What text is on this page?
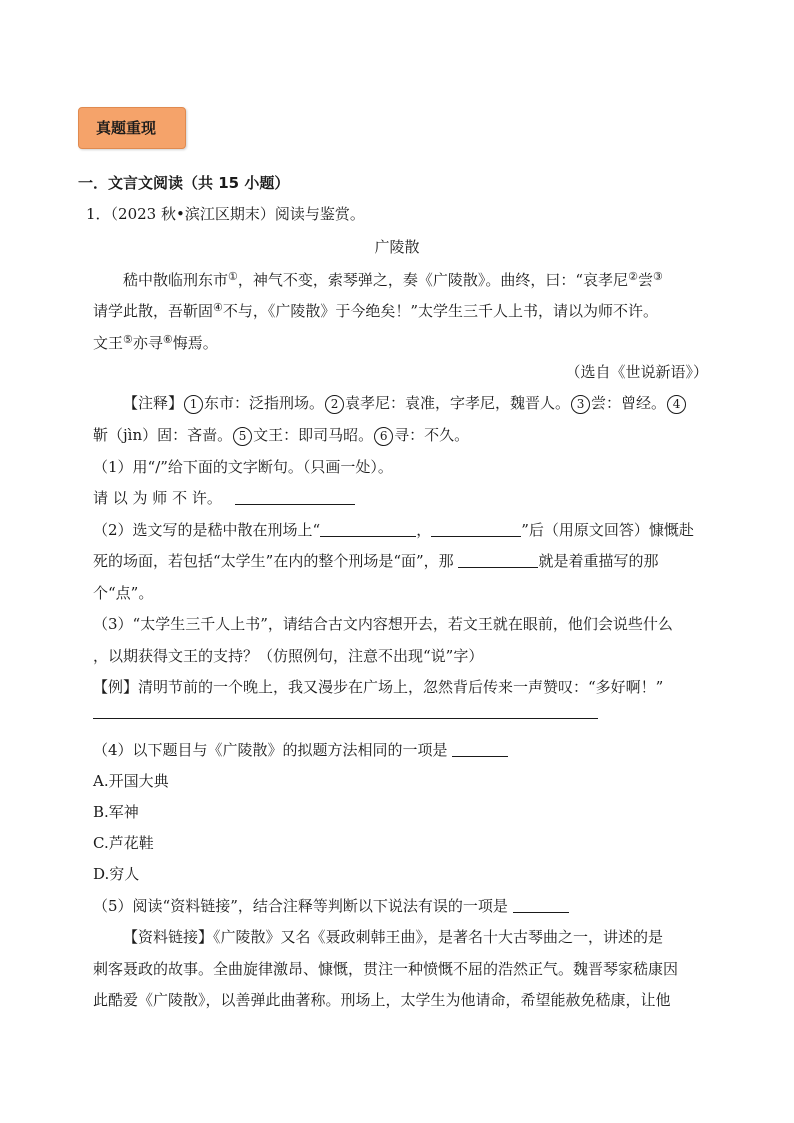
真题重现
一．文言文阅读（共 15 小题）
1．（2023 秋•滨江区期末）阅读与鉴赏。
广陵散
嵇中散临刑东市①，神气不变，索琴弹之，奏《广陵散》。曲终，曰：“哀孝尼②尝③
请学此散，吾靳固④不与，《广陵散》于今绝矣！”太学生三千人上书，请以为师不许。
文王⑤亦寻⑥悔焉。
（选自《世说新语》）
【注释】 1 东市：泛指刑场。 2 袁孝尼：袁准，字孝尼，魏晋人。 3 尝：曾经。 4
靳（jìn）固：吝啬。 5 文王：即司马昭。 6 寻：不久。
（1）用“/”给下面的文字断句。（只画一处）。
请 以 为 师 不 许。
（2）选文写的是嵇中散在刑场上“	，	”后（用原文回答）慷慨赴
死的场面，若包括“太学生”在内的整个刑场是“面”，那	就是着重描写的那
个“点”。
（3）“太学生三千人上书”，请结合古文内容想开去，若文王就在眼前，他们会说些什么
，以期获得文王的支持？（仿照例句，注意不出现“说”字）
【例】清明节前的一个晚上，我又漫步在广场上，忽然背后传来一声赞叹：“多好啊！”
（4）以下题目与《广陵散》的拟题方法相同的一项是
A.开国大典
B.军神
C.芦花鞋
D.穷人
（5）阅读“资料链接”，结合注释等判断以下说法有误的一项是
【资料链接】《广陵散》又名《聂政刺韩王曲》，是著名十大古琴曲之一，讲述的是
刺客聂政的故事。全曲旋律激昂、慷慨，贯注一种愤慨不屈的浩然正气。魏晋琴家嵇康因
此酷爱《广陵散》，以善弹此曲著称。刑场上，太学生为他请命，希望能赦免嵇康，让他
